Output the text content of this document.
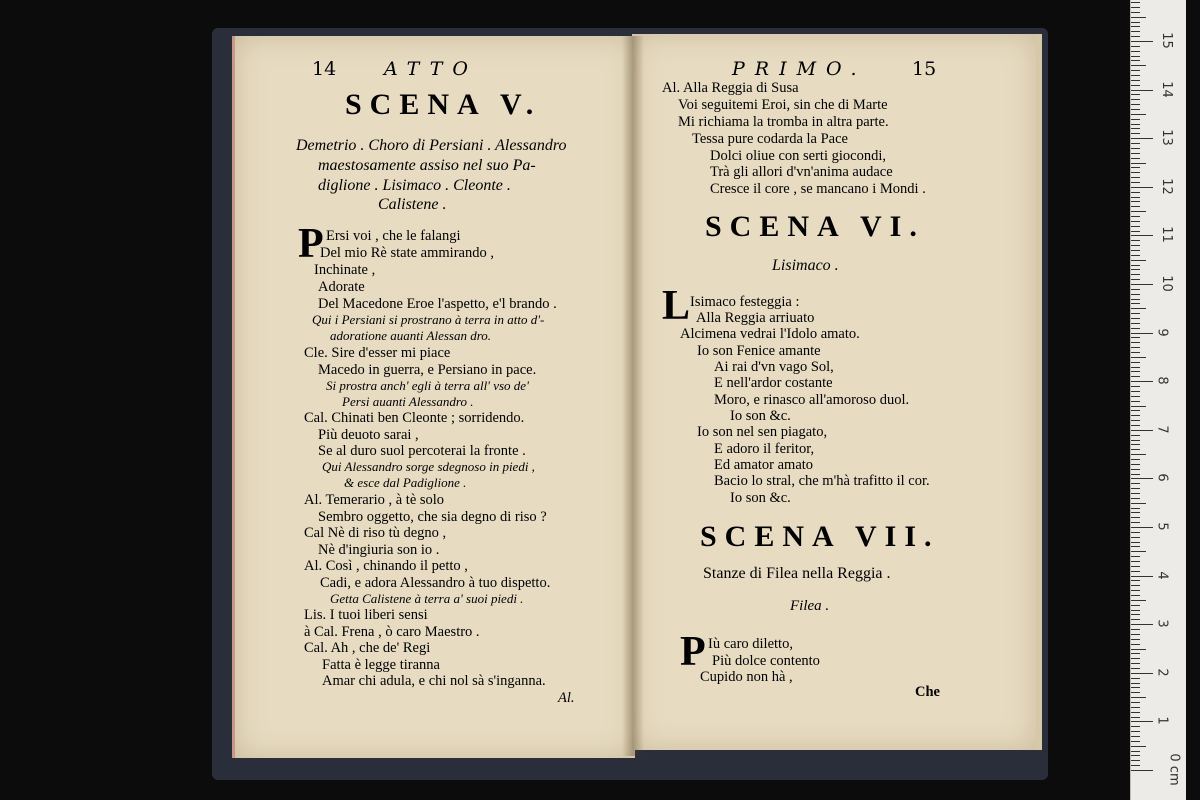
14	ATTO
SCENA V.
Demetrio . Choro di Persiani . Alessandro
maestosamente assiso nel suo Pa-
diglione . Lisimaco . Cleonte .
Calistene .
P Ersi voi , che le falangi
Del mio Rè state ammirando ,
Inchinate ,
Adorate
Del Macedone Eroe l'aspetto, e'l brando .
Qui i Persiani si prostrano à terra in atto d'-
adoratione auanti Alessan dro.
Cle. Sire d'esser mi piace
Macedo in guerra, e Persiano in pace.
Si prostra anch' egli à terra all' vso de'
Persi auanti Alessandro .
Cal. Chinati ben Cleonte ; sorridendo.
Più deuoto sarai ,
Se al duro suol percoterai la fronte .
Qui Alessandro sorge sdegnoso in piedi ,
& esce dal Padiglione .
Al. Temerario , à tè solo
Sembro oggetto, che sia degno di riso ?
Cal Nè di riso tù degno ,
Nè d'ingiuria son io .
Al. Così , chinando il petto ,
Cadi, e adora Alessandro à tuo dispetto.
Getta Calistene à terra a' suoi piedi .
Lis. I tuoi liberi sensi
à Cal. Frena , ò caro Maestro .
Cal. Ah , che de' Regi
Fatta è legge tiranna
Amar chi adula, e chi nol sà s'inganna.
Al.
PRIMO. 15
Al. Alla Reggia di Susa
Voi seguitemi Eroi, sin che di Marte
Mi richiama la tromba in altra parte.
Tessa pure codarda la Pace
Dolci oliue con serti giocondi,
Trà gli allori d'vn'anima audace
Cresce il core , se mancano i Mondi .
SCENA VI.
Lisimaco .
L Isimaco festeggia :
Alla Reggia arriuato
Alcimena vedrai l'Idolo amato.
Io son Fenice amante
Ai rai d'vn vago Sol,
E nell'ardor costante
Moro, e rinasco all'amoroso duol.
Io son &c.
Io son nel sen piagato,
E adoro il feritor,
Ed amator amato
Bacio lo stral, che m'hà trafitto il cor.
Io son &c.
SCENA VII.
Stanze di Filea nella Reggia .
Filea .
P Iù caro diletto,
Più dolce contento
Cupido non hà ,
Che
0 cm
1
2
3
4
5
6
7
8
9
10
11
12
13
14
15
